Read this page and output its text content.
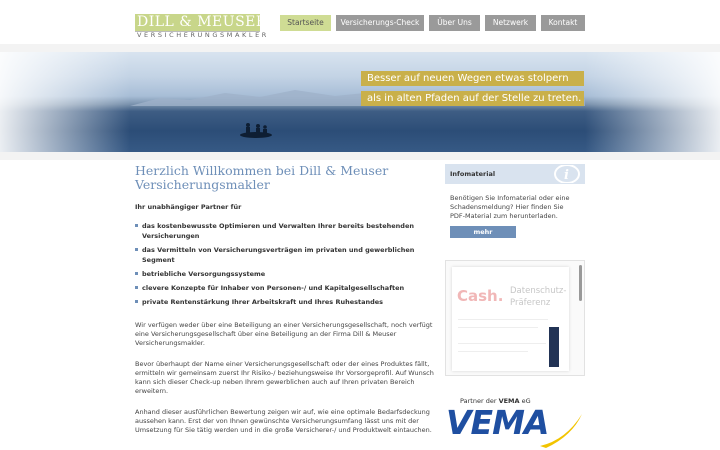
DILL & MEUSER
VERSICHERUNGSMAKLER
Startseite	Versicherungs-Check	Über Uns	Netzwerk	Kontakt
Besser auf neuen Wegen etwas stolpern
als in alten Pfaden auf der Stelle zu treten.
Herzlich Willkommen bei Dill & Meuser Versicherungsmakler
Ihr unabhängiger Partner für
das kostenbewusste Optimieren und Verwalten Ihrer bereits bestehenden Versicherungen
das Vermitteln von Versicherungsverträgen im privaten und gewerblichen Segment
betriebliche Versorgungssysteme
clevere Konzepte für Inhaber von Personen-/ und Kapitalgesellschaften
private Rentenstärkung Ihrer Arbeitskraft und Ihres Ruhestandes

Wir verfügen weder über eine Beteiligung an einer Versicherungsgesellschaft, noch verfügt eine Versicherungsgesellschaft über eine Beteiligung an der Firma Dill & Meuser Versicherungsmakler.

Bevor überhaupt der Name einer Versicherungsgesellschaft oder der eines Produktes fällt, ermitteln wir gemeinsam zuerst Ihr Risiko-/ beziehungsweise Ihr Vorsorgeprofil. Auf Wunsch kann sich dieser Check-up neben Ihrem gewerblichen auch auf Ihren privaten Bereich erweitern.

Anhand dieser ausführlichen Bewertung zeigen wir auf, wie eine optimale Bedarfsdeckung aussehen kann. Erst der von Ihnen gewünschte Versicherungsumfang lässt uns mit der Umsetzung für Sie tätig werden und in die große Versicherer-/ und Produktwelt eintauchen.

Infomaterial	i

Benötigen Sie Infomaterial oder eine Schadensmeldung? Hier finden Sie PDF-Material zum herunterladen.

mehr
Cash. Datenschutz-Präferenz
Partner der VEMA eG
VEMA
